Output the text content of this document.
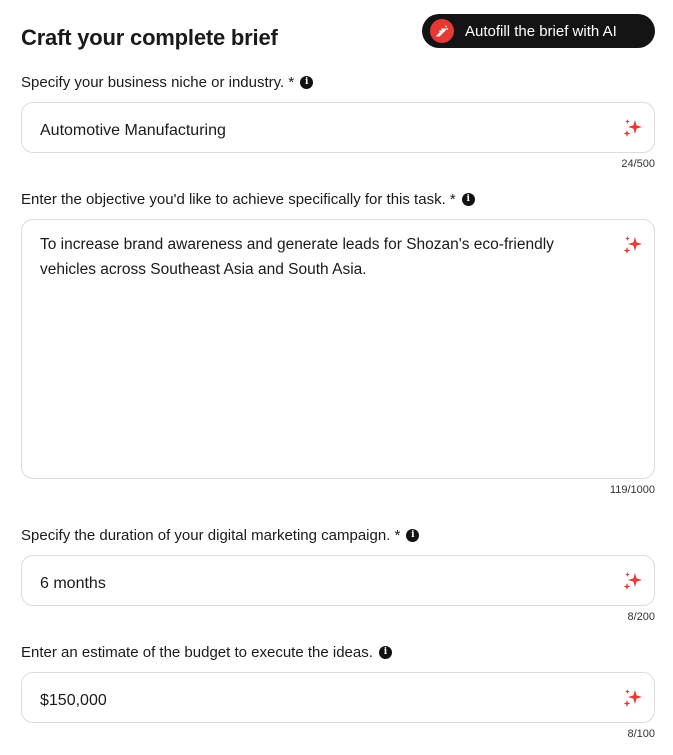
Craft your complete brief	Autofill the brief with AI
Specify your business niche or industry. *	i
Automotive Manufacturing
24/500
Enter the objective you'd like to achieve specifically for this task. *	i
To increase brand awareness and generate leads for Shozan's eco-friendly vehicles across Southeast Asia and South Asia.
119/1000
Specify the duration of your digital marketing campaign. *	i
6 months
8/200
Enter an estimate of the budget to execute the ideas.	i
$150,000
8/100
